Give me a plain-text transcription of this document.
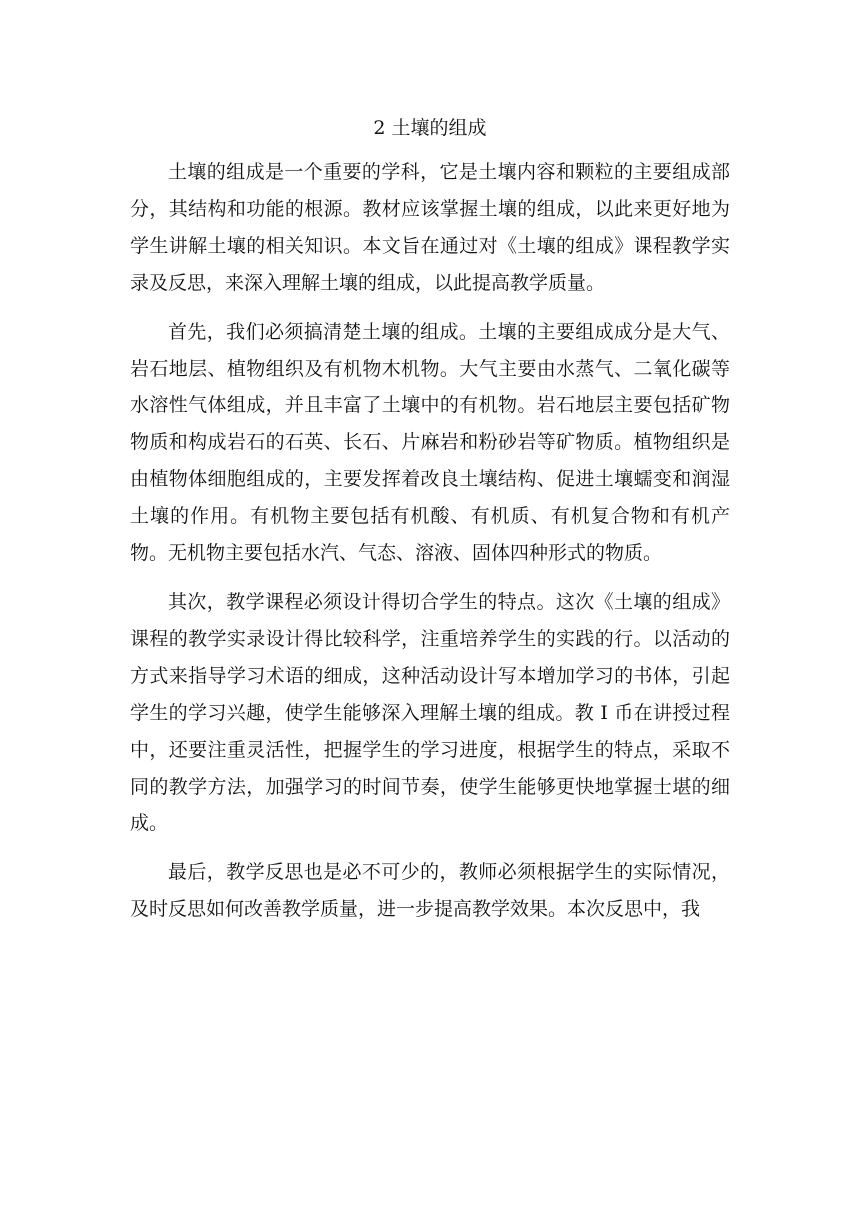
2 土壤的组成

土壤的组成是一个重要的学科，它是土壤内容和颗粒的主要组成部分，其结构和功能的根源。教材应该掌握土壤的组成，以此来更好地为学生讲解土壤的相关知识。本文旨在通过对《土壤的组成》课程教学实录及反思，来深入理解土壤的组成，以此提高教学质量。

首先，我们必须搞清楚土壤的组成。土壤的主要组成成分是大气、岩石地层、植物组织及有机物木机物。大气主要由水蒸气、二氧化碳等水溶性气体组成，并且丰富了土壤中的有机物。岩石地层主要包括矿物物质和构成岩石的石英、长石、片麻岩和粉砂岩等矿物质。植物组织是由植物体细胞组成的，主要发挥着改良土壤结构、促进土壤蠕变和润湿土壤的作用。有机物主要包括有机酸、有机质、有机复合物和有机产物。无机物主要包括水汽、气态、溶液、固体四种形式的物质。

其次，教学课程必须设计得切合学生的特点。这次《土壤的组成》课程的教学实录设计得比较科学，注重培养学生的实践的行。以活动的方式来指导学习术语的细成，这种活动设计写本增加学习的书体，引起学生的学习兴趣，使学生能够深入理解土壤的组成。教 I 币在讲授过程中，还要注重灵活性，把握学生的学习进度，根据学生的特点，采取不同的教学方法，加强学习的时间节奏，使学生能够更快地掌握士堪的细成。

最后，教学反思也是必不可少的，教师必须根据学生的实际情况，及时反思如何改善教学质量，进一步提高教学效果。本次反思中，我
